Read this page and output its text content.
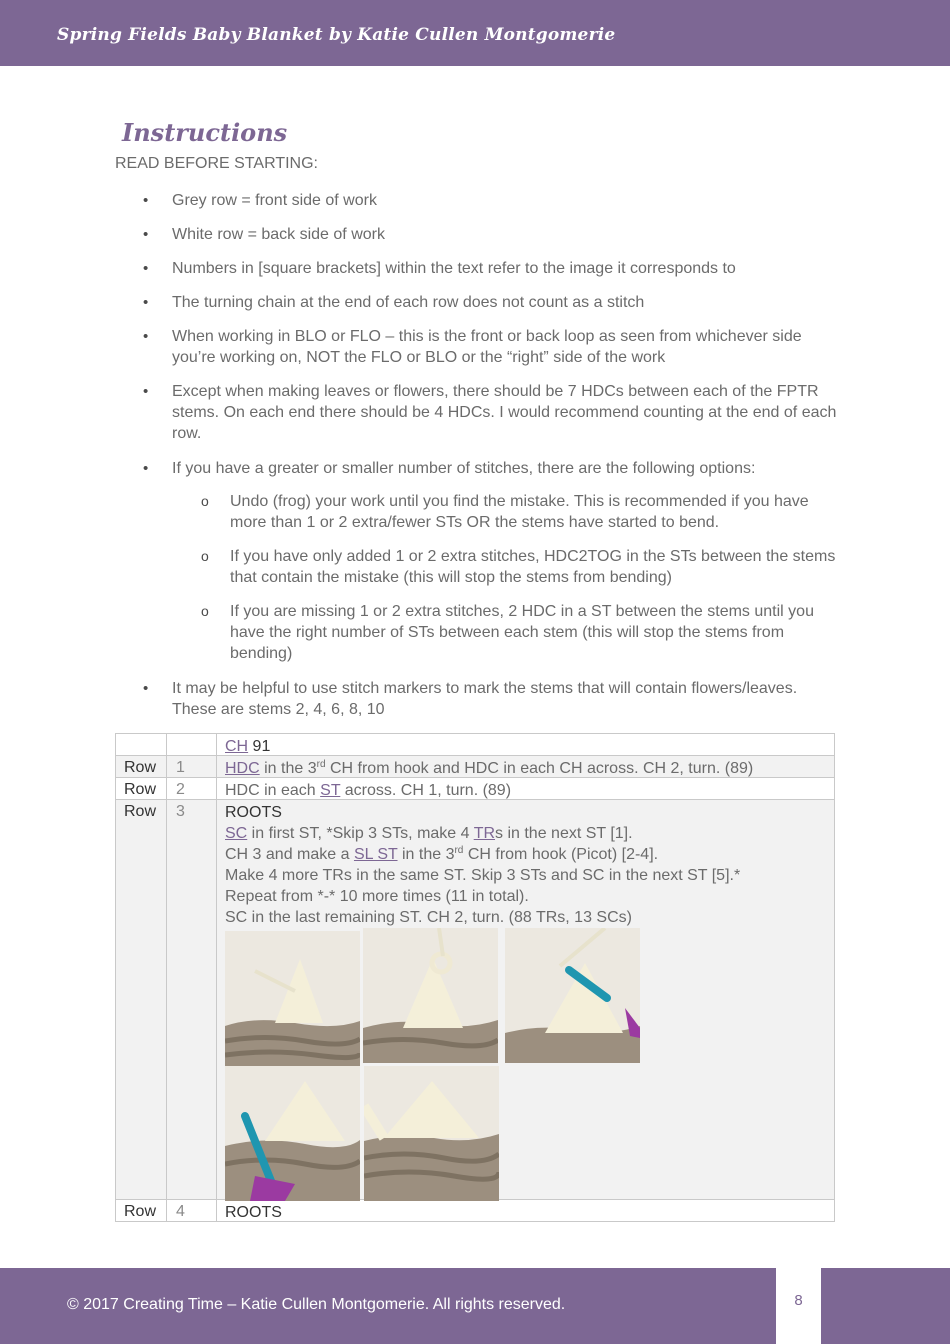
Spring Fields Baby Blanket by Katie Cullen Montgomerie
Instructions
READ BEFORE STARTING:
• Grey row = front side of work
• White row = back side of work
• Numbers in [square brackets] within the text refer to the image it corresponds to
• The turning chain at the end of each row does not count as a stitch
• When working in BLO or FLO – this is the front or back loop as seen from whichever side you’re working on, NOT the FLO or BLO or the “right” side of the work
• Except when making leaves or flowers, there should be 7 HDCs between each of the FPTR stems. On each end there should be 4 HDCs. I would recommend counting at the end of each row.
• If you have a greater or smaller number of stitches, there are the following options:
o Undo (frog) your work until you find the mistake. This is recommended if you have more than 1 or 2 extra/fewer STs OR the stems have started to bend.
o If you have only added 1 or 2 extra stitches, HDC2TOG in the STs between the stems that contain the mistake (this will stop the stems from bending)
o If you are missing 1 or 2 extra stitches, 2 HDC in a ST between the stems until you have the right number of STs between each stem (this will stop the stems from bending)
• It may be helpful to use stitch markers to mark the stems that will contain flowers/leaves. These are stems 2, 4, 6, 8, 10
CH 91
Row	1	HDC in the 3rd CH from hook and HDC in each CH across. CH 2, turn. (89)
Row	2	HDC in each ST across. CH 1, turn. (89)
Row	3	ROOTS
SC in first ST, *Skip 3 STs, make 4 TRs in the next ST [1].
CH 3 and make a SL ST in the 3rd CH from hook (Picot) [2-4].
Make 4 more TRs in the same ST. Skip 3 STs and SC in the next ST [5].*
Repeat from *-* 10 more times (11 in total).
SC in the last remaining ST. CH 2, turn. (88 TRs, 13 SCs)
Row	4	ROOTS
© 2017 Creating Time – Katie Cullen Montgomerie. All rights reserved.	8
